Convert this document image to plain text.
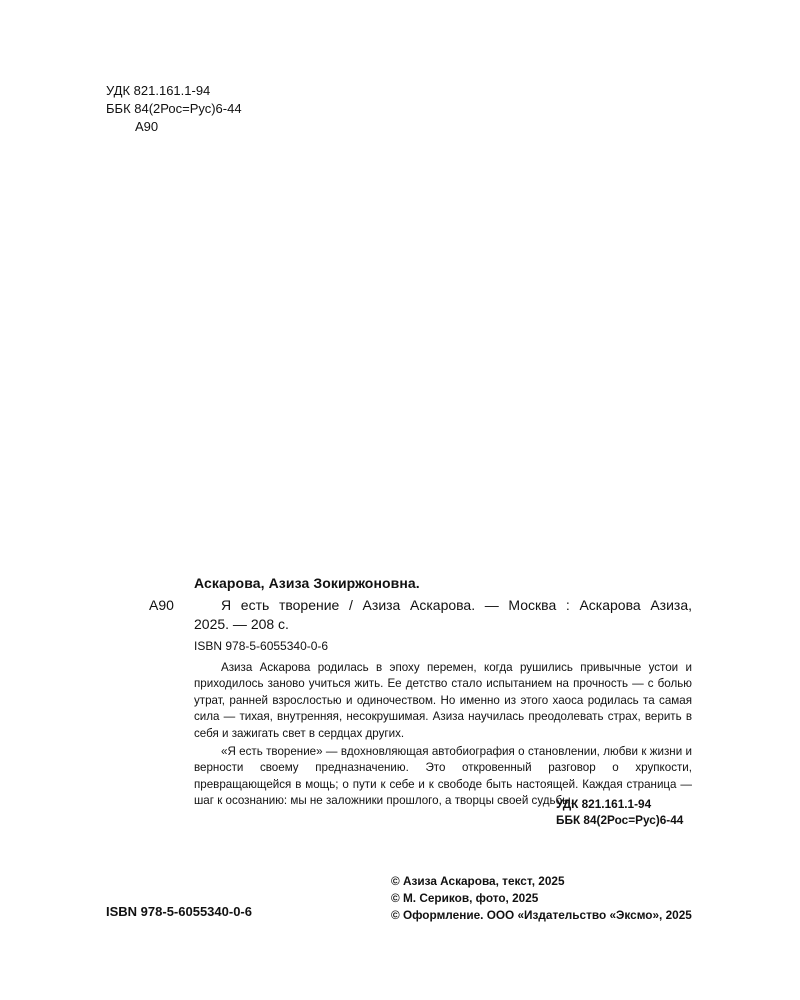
УДК 821.161.1-94
ББК 84(2Рос=Рус)6-44
А90
Аскарова, Азиза Зокиржоновна.
А90	Я есть творение / Азиза Аскарова. — Москва : Аскарова Азиза,
2025. — 208 с.
ISBN 978-5-6055340-0-6
Азиза Аскарова родилась в эпоху перемен, когда рушились привычные устои и приходилось заново учиться жить. Ее детство стало испытанием на прочность — с болью утрат, ранней взрослостью и одиночеством. Но именно из этого хаоса родилась та самая сила — тихая, внутренняя, несокрушимая. Азиза научилась преодолевать страх, верить в себя и зажигать свет в сердцах других.
«Я есть творение» — вдохновляющая автобиография о становлении, любви к жизни и верности своему предназначению. Это откровенный разговор о хрупкости, превращающейся в мощь; о пути к себе и к свободе быть настоящей. Каждая страница — шаг к осознанию: мы не заложники прошлого, а творцы своей судьбы.
УДК 821.161.1-94
ББК 84(2Рос=Рус)6-44
© Азиза Аскарова, текст, 2025
© М. Сериков, фото, 2025
© Оформление. ООО «Издательство «Эксмо», 2025
ISBN 978-5-6055340-0-6
